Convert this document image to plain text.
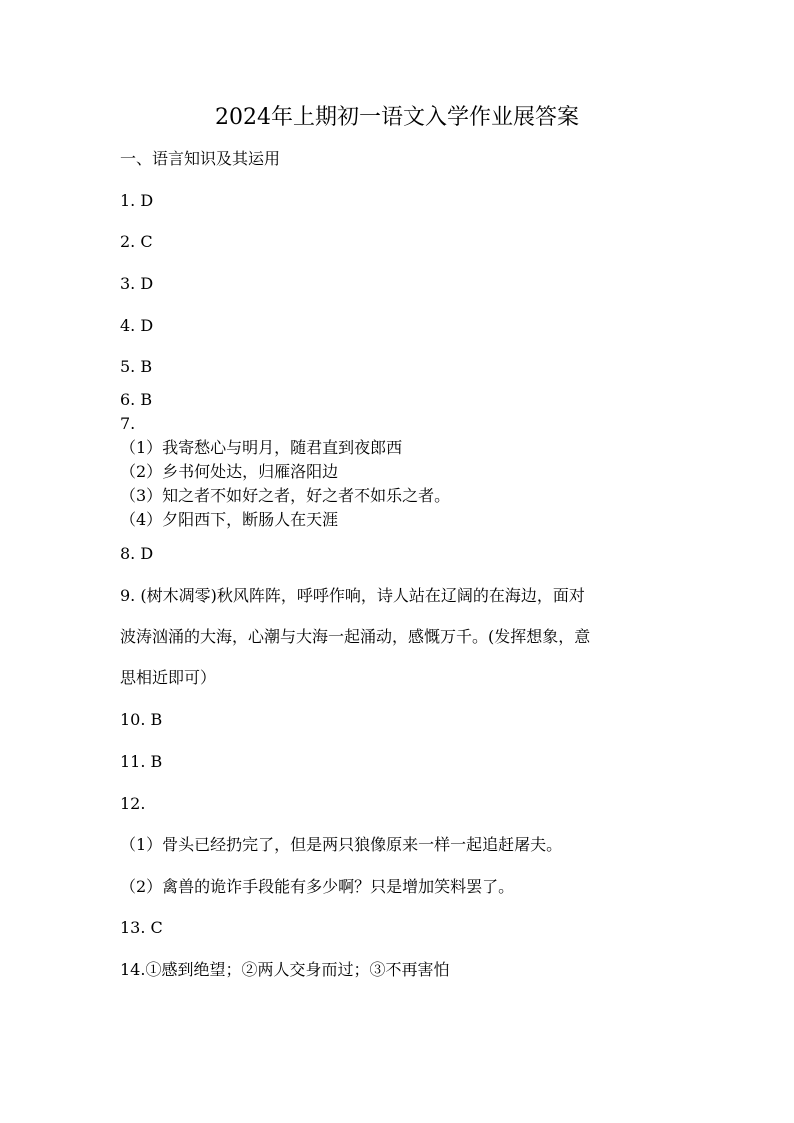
2024年上期初一语文入学作业展答案
一、语言知识及其运用
1. D
2. C
3. D
4. D
5. B
6. B
7.
（1）我寄愁心与明月，随君直到夜郎西
（2）乡书何处达，归雁洛阳边
（3）知之者不如好之者，好之者不如乐之者。
（4）夕阳西下，断肠人在天涯
8. D
9. (树木凋零)秋风阵阵，呼呼作响，诗人站在辽阔的在海边，面对
波涛汹涌的大海，心潮与大海一起涌动，感慨万千。(发挥想象，意
思相近即可）
10. B
11. B
12.
（1）骨头已经扔完了，但是两只狼像原来一样一起追赶屠夫。
（2）禽兽的诡诈手段能有多少啊？只是增加笑料罢了。
13. C
14.①感到绝望；②两人交身而过；③不再害怕
